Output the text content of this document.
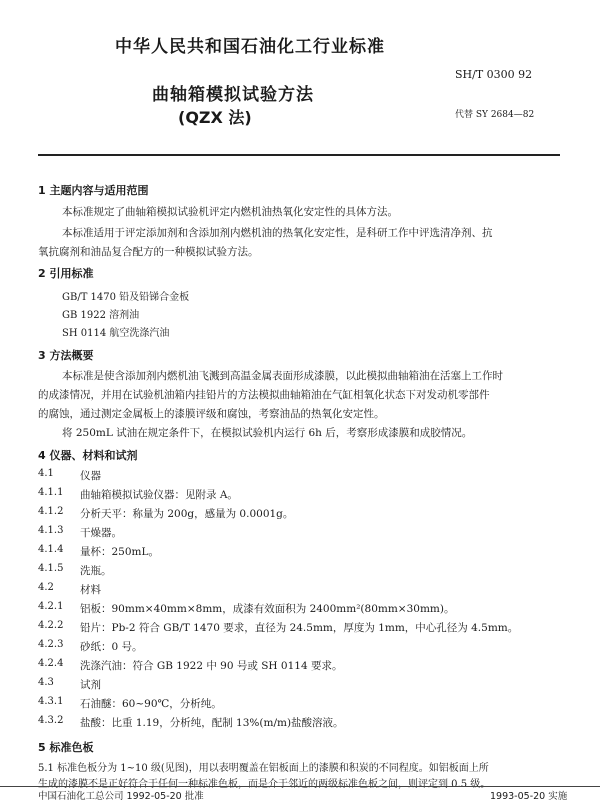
中华人民共和国石油化工行业标准
SH/T 0300 92
曲轴箱模拟试验方法
(QZX 法)	代替 SY 2684—82
1 主题内容与适用范围
本标准规定了曲轴箱模拟试验机评定内燃机油热氧化安定性的具体方法。
本标准适用于评定添加剂和含添加剂内燃机油的热氧化安定性，是科研工作中评选清净剂、抗
氧抗腐剂和油品复合配方的一种模拟试验方法。
2 引用标准
GB/T 1470 铅及铅锑合金板
GB 1922 溶剂油
SH 0114 航空洗涤汽油
3 方法概要
本标准是使含添加剂内燃机油飞溅到高温金属表面形成漆膜，以此模拟曲轴箱油在活塞上工作时
的成漆情况，并用在试验机油箱内挂铅片的方法模拟曲轴箱油在气缸相氧化状态下对发动机零部件
的腐蚀，通过测定金属板上的漆膜评级和腐蚀，考察油品的热氧化安定性。
将 250mL 试油在规定条件下，在模拟试验机内运行 6h 后，考察形成漆膜和成胶情况。
4 仪器、材料和试剂
4.1 仪器
4.1.1 曲轴箱模拟试验仪器：见附录 A。
4.1.2 分析天平：称量为 200g，感量为 0.0001g。
4.1.3 干燥器。
4.1.4 量杯：250mL。
4.1.5 洗瓶。
4.2 材料
4.2.1 铝板：90mm×40mm×8mm，成漆有效面积为 2400mm²(80mm×30mm)。
4.2.2 铅片：Pb-2 符合 GB/T 1470 要求，直径为 24.5mm，厚度为 1mm，中心孔径为 4.5mm。
4.2.3 砂纸：0 号。
4.2.4 洗涤汽油：符合 GB 1922 中 90 号或 SH 0114 要求。
4.3 试剂
4.3.1 石油醚：60~90℃，分析纯。
4.3.2 盐酸：比重 1.19，分析纯，配制 13%(m/m)盐酸溶液。
5 标准色板
5.1 标准色板分为 1~10 级(见图)，用以表明覆盖在铝板面上的漆膜和积炭的不同程度。如铝板面上所
生成的漆膜不是正好符合于任何一种标准色板，而是介于邻近的两级标准色板之间，则评定到 0.5 级。
中国石油化工总公司 1992-05-20 批准	1993-05-20 实施
